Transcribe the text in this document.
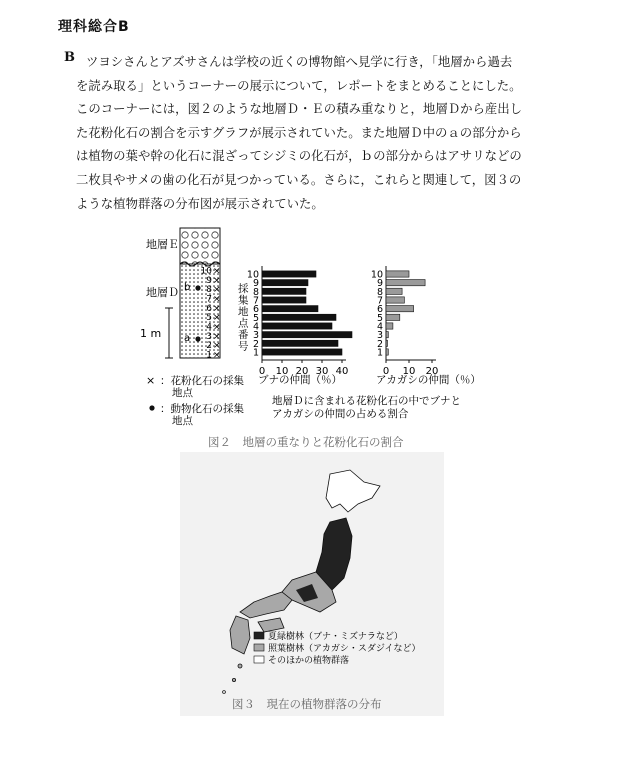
理科総合B
B ツヨシさんとアズサさんは学校の近くの博物館へ見学に行き，「地層から過去

を読み取る」というコーナーの展示について，レポートをまとめることにした。

このコーナーには，図２のような地層Ｄ・Ｅの積み重なりと，地層Ｄから産出し

た花粉化石の割合を示すグラフが展示されていた。また地層Ｄ中のａの部分から

は植物の葉や幹の化石に混ざってシジミの化石が，ｂの部分からはアサリなどの

二枚貝やサメの歯の化石が見つかっている。さらに，これらと関連して，図３の

ような植物群落の分布図が展示されていた。

地層Ｅ
地層Ｄ
1 ×
2 ×
3 ×
4 ×
5 ×
6 ×
7 ×
8 ×
9 ×
10 ×
b
a
1 m
× ：花粉化石の採集
地点
：動物化石の採集
地点
採
集
地
点
番
号
1
2
3
4
5
6
7
8
9
10
0 10 20 30 40
1
2
3
4
5
6
7
8
9
10
0 10 20
ブナの仲間（％）	アカガシの仲間（％）
地層Ｄに含まれる花粉化石の中でブナと
アカガシの仲間の占める割合
図２　地層の重なりと花粉化石の割合
夏緑樹林（ブナ・ミズナラなど）
照葉樹林（アカガシ・スダジイなど）
そのほかの植物群落
図３　現在の植物群落の分布
